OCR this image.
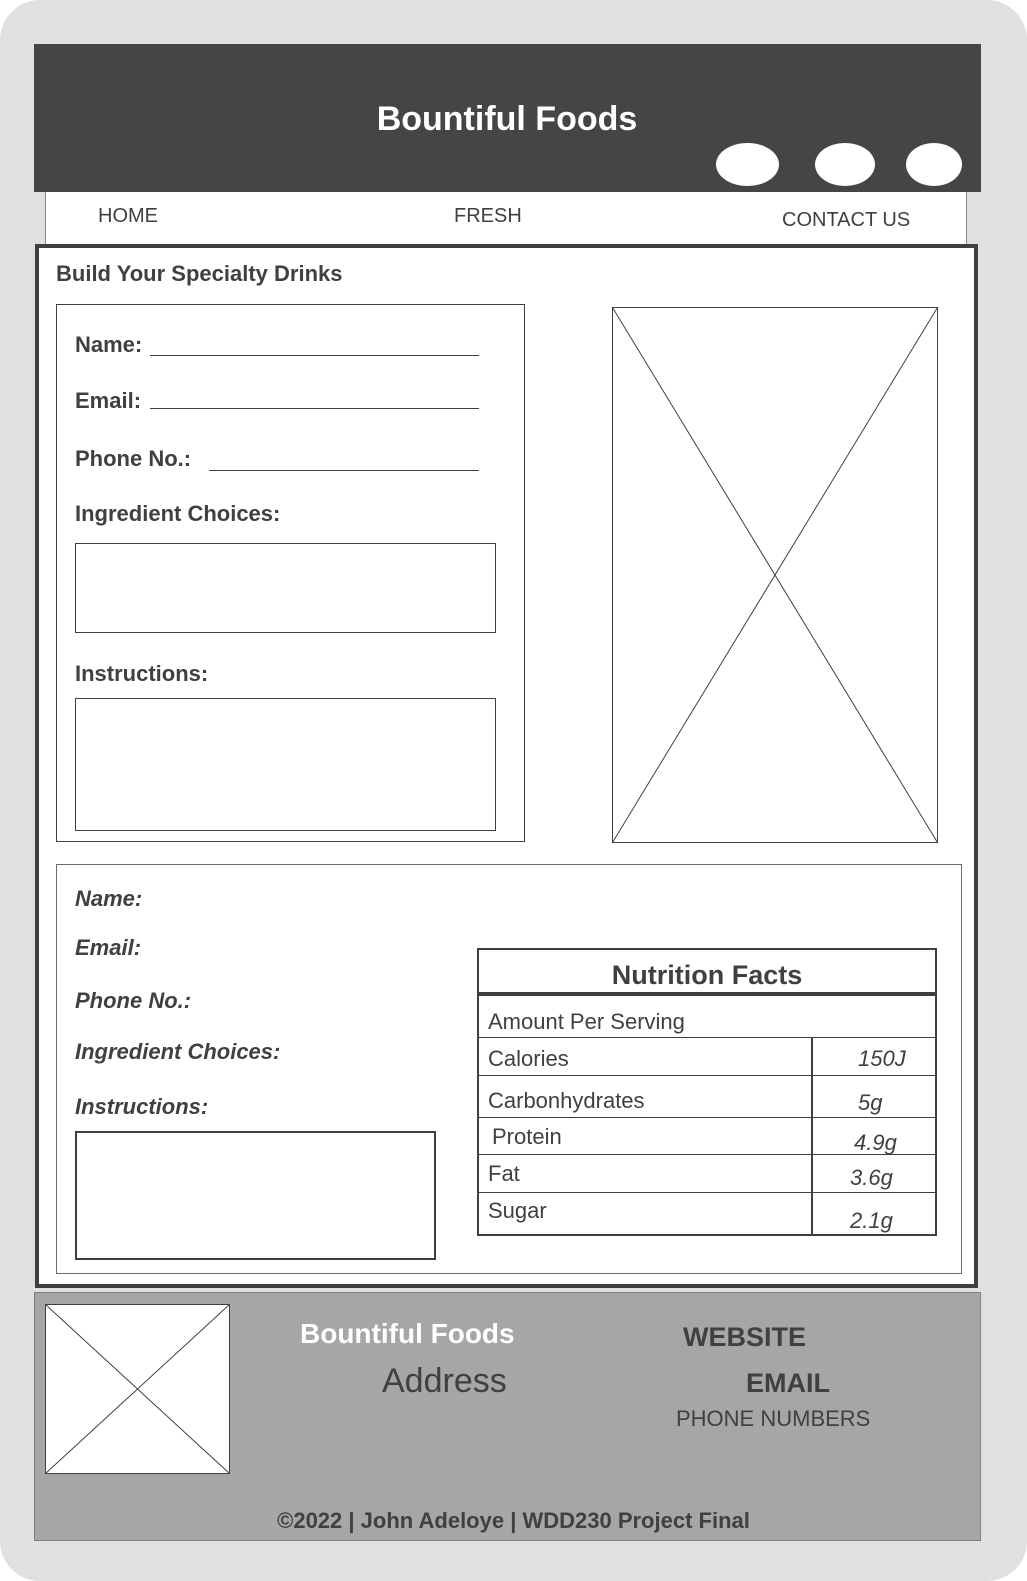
Bountiful Foods
HOME	FRESH	CONTACT US
Build Your Specialty Drinks
Name:
Email:
Phone No.:
Ingredient Choices:
Instructions:
Name:
Email:
Phone No.:
Ingredient Choices:
Instructions:
Nutrition Facts
Amount Per Serving
Calories	150J
Carbonhydrates	5g
Protein	4.9g
Fat	3.6g
Sugar	2.1g
Bountiful Foods
Address
WEBSITE
EMAIL
PHONE NUMBERS
©2022 | John Adeloye | WDD230 Project Final
